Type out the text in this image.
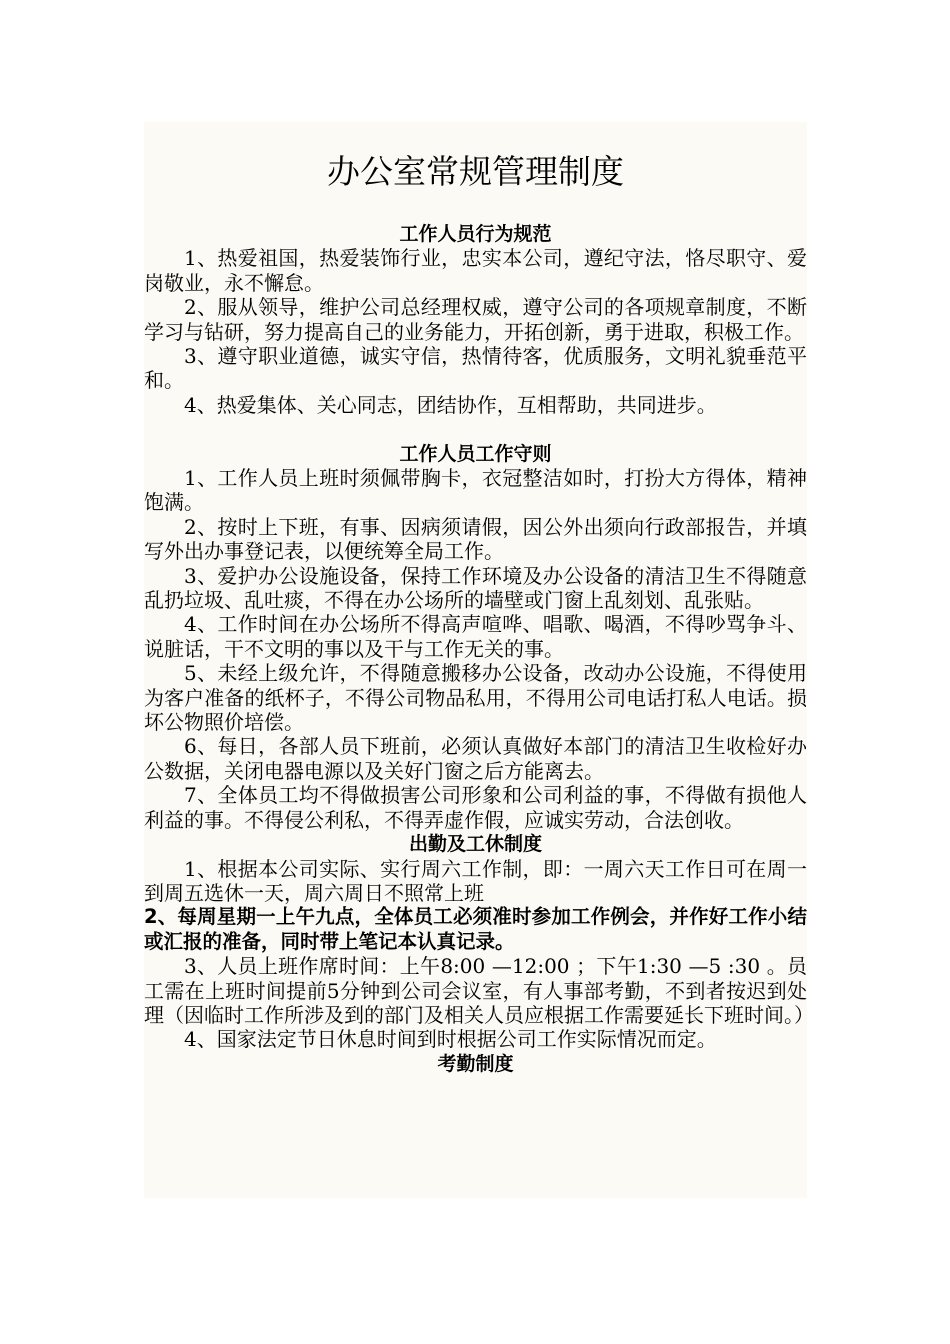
办公室常规管理制度
工作人员行为规范

1、热爱祖国，热爱装饰行业，忠实本公司，遵纪守法，恪尽职守、爱岗敬业，永不懈怠。

2、服从领导，维护公司总经理权威，遵守公司的各项规章制度，不断学习与钻研，努力提高自己的业务能力，开拓创新，勇于进取，积极工作。

3、遵守职业道德，诚实守信，热情待客，优质服务，文明礼貌垂范平和。

4、热爱集体、关心同志，团结协作，互相帮助，共同进步。

工作人员工作守则

1、工作人员上班时须佩带胸卡，衣冠整洁如时，打扮大方得体，精神饱满。

2、按时上下班，有事、因病须请假，因公外出须向行政部报告，并填写外出办事登记表，以便统筹全局工作。

3、爱护办公设施设备，保持工作环境及办公设备的清洁卫生不得随意乱扔垃圾、乱吐痰，不得在办公场所的墙壁或门窗上乱刻划、乱张贴。

4、工作时间在办公场所不得高声喧哗、唱歌、喝酒，不得吵骂争斗、说脏话，干不文明的事以及干与工作无关的事。

5、未经上级允许，不得随意搬移办公设备，改动办公设施，不得使用为客户准备的纸杯子，不得公司物品私用，不得用公司电话打私人电话。损坏公物照价培偿。

6、每日，各部人员下班前，必须认真做好本部门的清洁卫生收检好办公数据，关闭电器电源以及关好门窗之后方能离去。

7、全体员工均不得做损害公司形象和公司利益的事，不得做有损他人利益的事。不得侵公利私，不得弄虚作假，应诚实劳动，合法创收。

出勤及工休制度

1、根据本公司实际、实行周六工作制，即：一周六天工作日可在周一到周五选休一天，周六周日不照常上班

2、每周星期一上午九点，全体员工必须准时参加工作例会，并作好工作小结或汇报的准备，同时带上笔记本认真记录。

3、人员上班作席时间：上午8:00 —12:00 ；下午1:30 —5 :30 。员工需在上班时间提前5分钟到公司会议室，有人事部考勤，不到者按迟到处理（因临时工作所涉及到的部门及相关人员应根据工作需要延长下班时间。）

4、国家法定节日休息时间到时根据公司工作实际情况而定。

考勤制度
